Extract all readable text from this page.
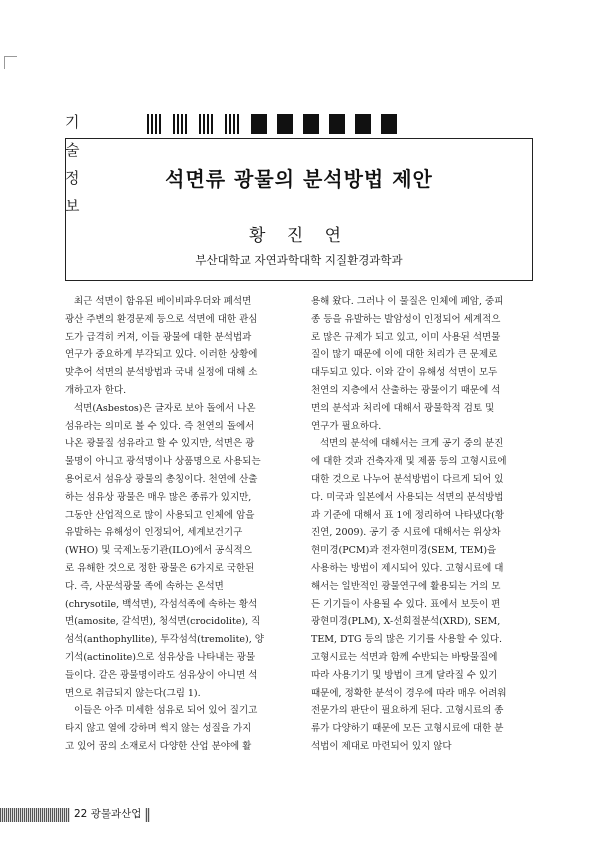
기술정보
석면류 광물의 분석방법 제안
황 진 연
부산대학교 자연과학대학 지질환경과학과
최근 석면이 함유된 베이비파우더와 폐석면
광산 주변의 환경문제 등으로 석면에 대한 관심
도가 급격히 커져, 이들 광물에 대한 분석법과
연구가 중요하게 부각되고 있다. 이러한 상황에
맞추어 석면의 분석방법과 국내 실정에 대해 소
개하고자 한다.
석면(Asbestos)은 글자로 보아 돌에서 나온
섬유라는 의미로 볼 수 있다. 즉 천연의 돌에서
나온 광물질 섬유라고 할 수 있지만, 석면은 광
물명이 아니고 광석명이나 상품명으로 사용되는
용어로서 섬유상 광물의 총칭이다. 천연에 산출
하는 섬유상 광물은 매우 많은 종류가 있지만,
그동안 산업적으로 많이 사용되고 인체에 암을
유발하는 유해성이 인정되어, 세계보건기구
(WHO) 및 국제노동기관(ILO)에서 공식적으
로 유해한 것으로 정한 광물은 6가지로 국한된
다. 즉, 사문석광물 족에 속하는 온석면
(chrysotile, 백석면), 각섬석족에 속하는 황석
면(amosite, 갈석면), 청석면(crocidolite), 직
섬석(anthophyllite), 투각섬석(tremolite), 양
기석(actinolite)으로 섬유상을 나타내는 광물
들이다. 같은 광물명이라도 섬유상이 아니면 석
면으로 취급되지 않는다(그림 1).
이들은 아주 미세한 섬유로 되어 있어 질기고
타지 않고 열에 강하며 썩지 않는 성질을 가지
고 있어 꿈의 소재로서 다양한 산업 분야에 활
용해 왔다. 그러나 이 물질은 인체에 폐암, 중피
종 등을 유발하는 발암성이 인정되어 세계적으
로 많은 규제가 되고 있고, 이미 사용된 석면물
질이 많기 때문에 이에 대한 처리가 큰 문제로
대두되고 있다. 이와 같이 유해성 석면이 모두
천연의 지층에서 산출하는 광물이기 때문에 석
면의 분석과 처리에 대해서 광물학적 검토 및
연구가 필요하다.
석면의 분석에 대해서는 크게 공기 중의 분진
에 대한 것과 건축자재 및 제품 등의 고형시료에
대한 것으로 나누어 분석방법이 다르게 되어 있
다. 미국과 일본에서 사용되는 석면의 분석방법
과 기준에 대해서 표 1에 정리하여 나타냈다(황
진연, 2009). 공기 중 시료에 대해서는 위상차
현미경(PCM)과 전자현미경(SEM, TEM)을
사용하는 방법이 제시되어 있다. 고형시료에 대
해서는 일반적인 광물연구에 활용되는 거의 모
든 기기들이 사용될 수 있다. 표에서 보듯이 편
광현미경(PLM), X-선회절분석(XRD), SEM,
TEM, DTG 등의 많은 기기를 사용할 수 있다.
고형시료는 석면과 함께 수반되는 바탕물질에
따라 사용기기 및 방법이 크게 달라질 수 있기
때문에, 정확한 분석이 경우에 따라 매우 어려워
전문가의 판단이 필요하게 된다. 고형시료의 종
류가 다양하기 때문에 모든 고형시료에 대한 분
석법이 제대로 마련되어 있지 않다
22 광물과산업
